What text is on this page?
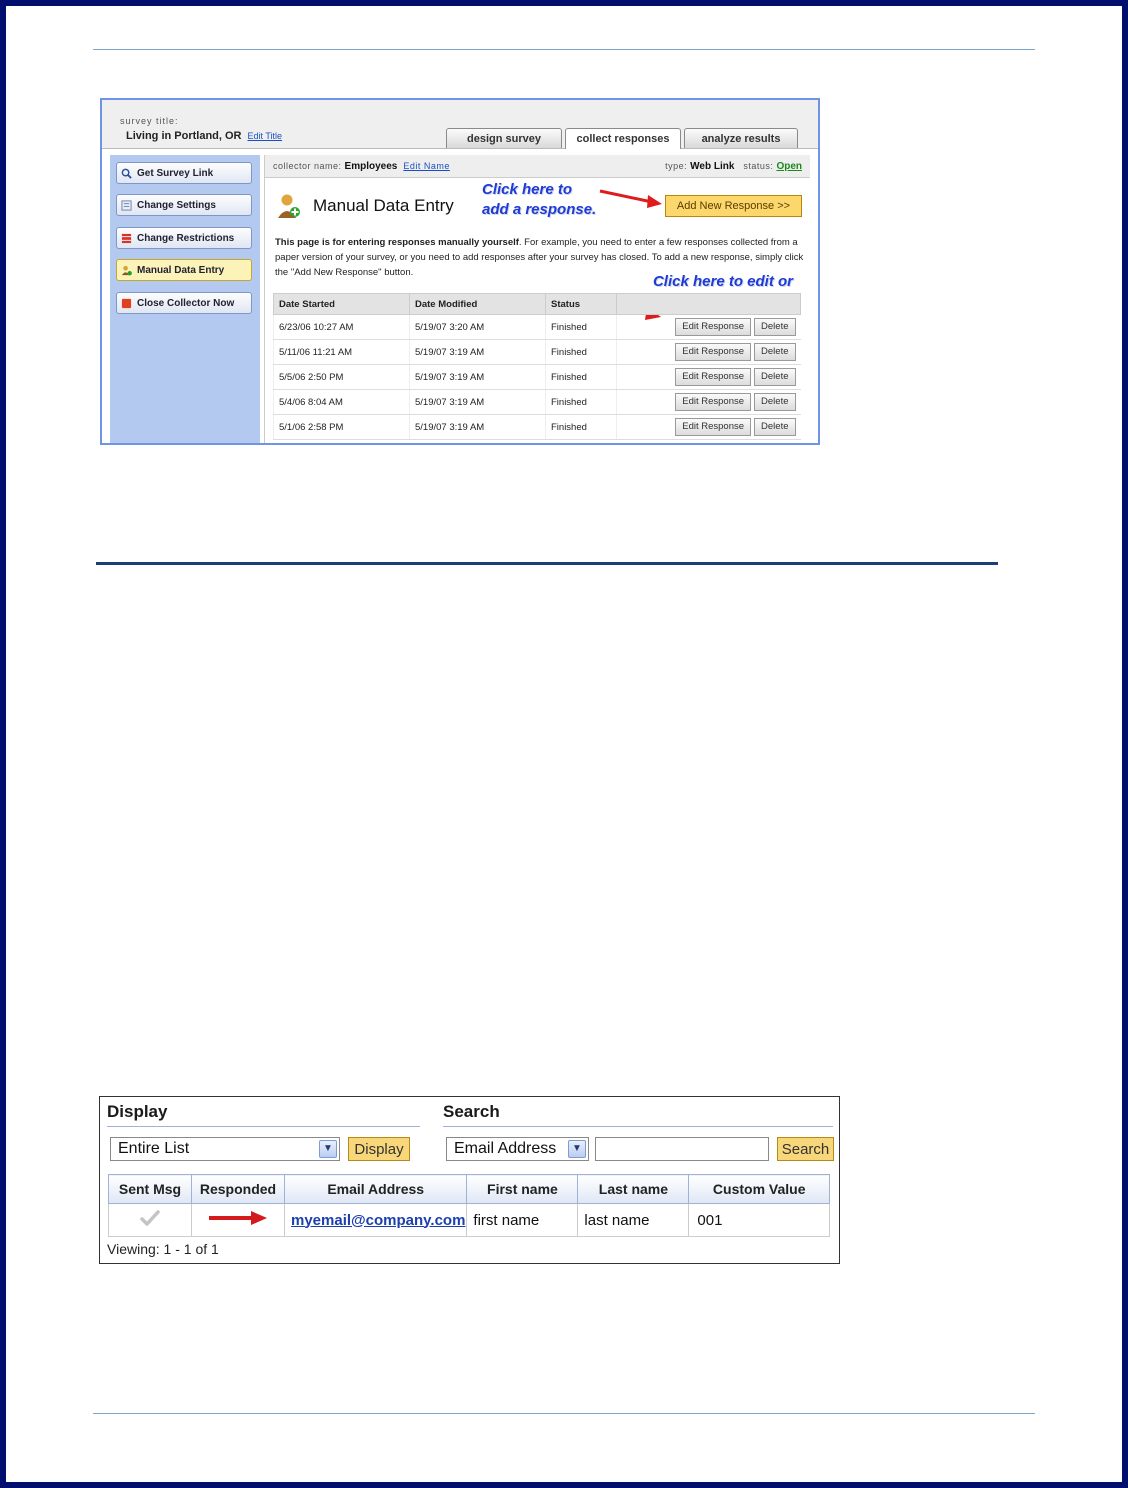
survey title:
Living in Portland, OR Edit Title	design survey	collect responses	analyze results
Get Survey Link
Change Settings
Change Restrictions
Manual Data Entry
Close Collector Now
collector name: Employees Edit Name	type: Web Link status: Open
Manual Data Entry
Click here to
add a response.	Add New Response >>
This page is for entering responses manually yourself. For example, you need to enter a few responses collected from a paper version of your survey, or you need to add responses after your survey has closed. To add a new response, simply click the "Add New Response" button.
Click here to edit or
Date Started	Date Modified	Status	
6/23/06 10:27 AM	5/19/07 3:20 AM	Finished	Edit Response Delete
5/11/06 11:21 AM	5/19/07 3:19 AM	Finished	Edit Response Delete
5/5/06 2:50 PM	5/19/07 3:19 AM	Finished	Edit Response Delete
5/4/06 8:04 AM	5/19/07 3:19 AM	Finished	Edit Response Delete
5/1/06 2:58 PM	5/19/07 3:19 AM	Finished	Edit Response Delete
Display	Search
Entire List	▼	Display	Email Address	▼	Search
Sent Msg	Responded	Email Address	First name	Last name	Custom Value
		myemail@company.com	first name	last name	001
Viewing: 1 - 1 of 1
